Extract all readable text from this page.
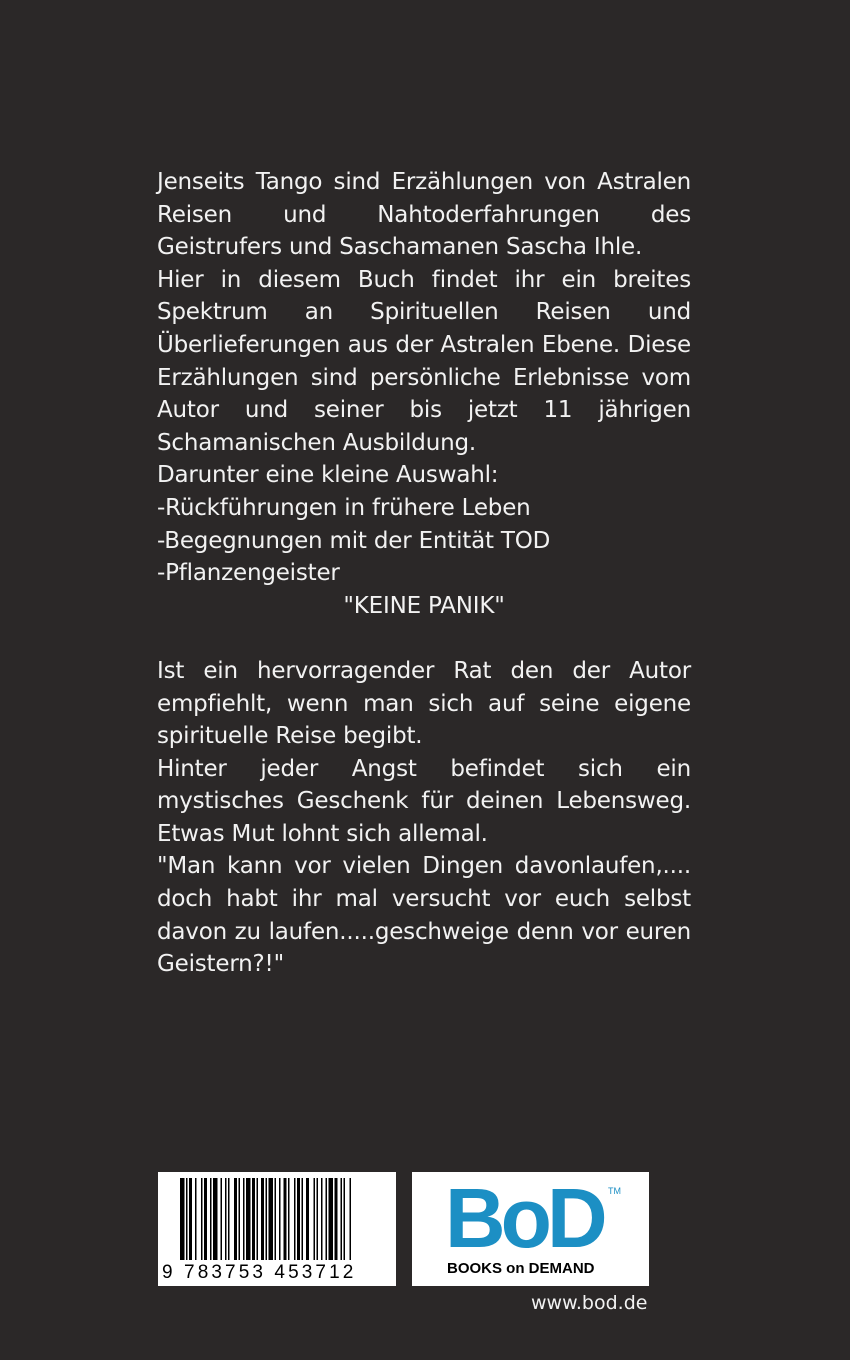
Jenseits Tango sind Erzählungen von Astralen Reisen und Nahtoderfahrungen des Geistrufers und Saschamanen Sascha Ihle.

Hier in diesem Buch findet ihr ein breites Spektrum an Spirituellen Reisen und Überlieferungen aus der Astralen Ebene. Diese Erzählungen sind persönliche Erlebnisse vom Autor und seiner bis jetzt 11 jährigen Schamanischen Ausbildung.

Darunter eine kleine Auswahl:

-Rückführungen in frühere Leben

-Begegnungen mit der Entität TOD

-Pflanzengeister

"KEINE PANIK"

Ist ein hervorragender Rat den der Autor empfiehlt, wenn man sich auf seine eigene spirituelle Reise begibt.

Hinter jeder Angst befindet sich ein mystisches Geschenk für deinen Lebensweg. Etwas Mut lohnt sich allemal.

"Man kann vor vielen Dingen davonlaufen,.... doch habt ihr mal versucht vor euch selbst davon zu laufen.....geschweige denn vor euren Geistern?!"

9 783753 453712
BoD TM
BOOKS on DEMAND
www.bod.de
